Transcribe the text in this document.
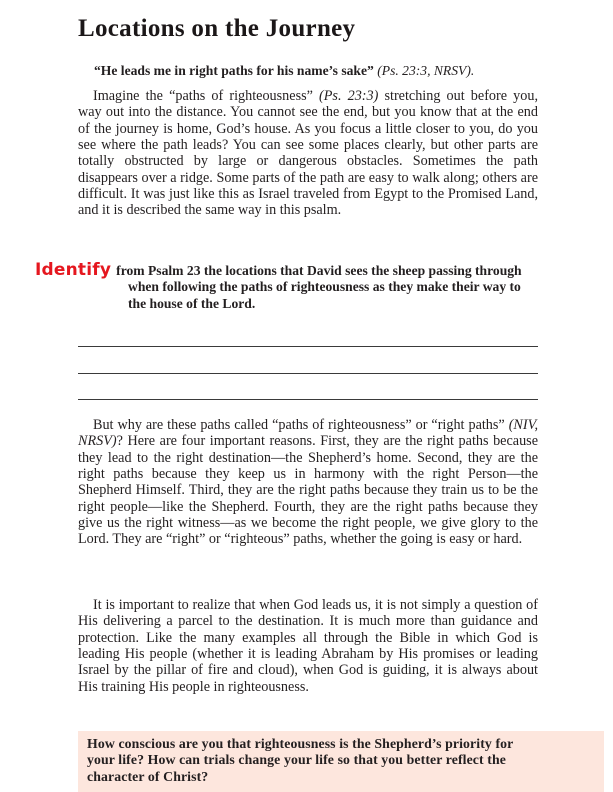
Locations on the Journey

“He leads me in right paths for his name’s sake” (Ps. 23:3, NRSV).

Imagine the “paths of righteousness” (Ps. 23:3) stretching out before you, way out into the distance. You cannot see the end, but you know that at the end of the journey is home, God’s house. As you focus a little closer to you, do you see where the path leads? You can see some places clearly, but other parts are totally obstructed by large or dangerous obstacles. Sometimes the path disappears over a ridge. Some parts of the path are easy to walk along; others are difficult. It was just like this as Israel traveled from Egypt to the Promised Land, and it is described the same way in this psalm.

Identify from Psalm 23 the locations that David sees the sheep passing through when following the paths of righteousness as they make their way to the house of the Lord.

But why are these paths called “paths of righteousness” or “right paths” (NIV, NRSV)? Here are four important reasons. First, they are the right paths because they lead to the right destination—the Shepherd’s home. Second, they are the right paths because they keep us in harmony with the right Person—the Shepherd Himself. Third, they are the right paths because they train us to be the right people—like the Shepherd. Fourth, they are the right paths because they give us the right witness—as we become the right people, we give glory to the Lord. They are “right” or “righteous” paths, whether the going is easy or hard.

It is important to realize that when God leads us, it is not simply a question of His delivering a parcel to the destination. It is much more than guidance and protection. Like the many examples all through the Bible in which God is leading His people (whether it is leading Abraham by His promises or leading Israel by the pillar of fire and cloud), when God is guiding, it is always about His training His people in righteousness.

How conscious are you that righteousness is the Shepherd’s priority for your life? How can trials change your life so that you better reflect the character of Christ?
